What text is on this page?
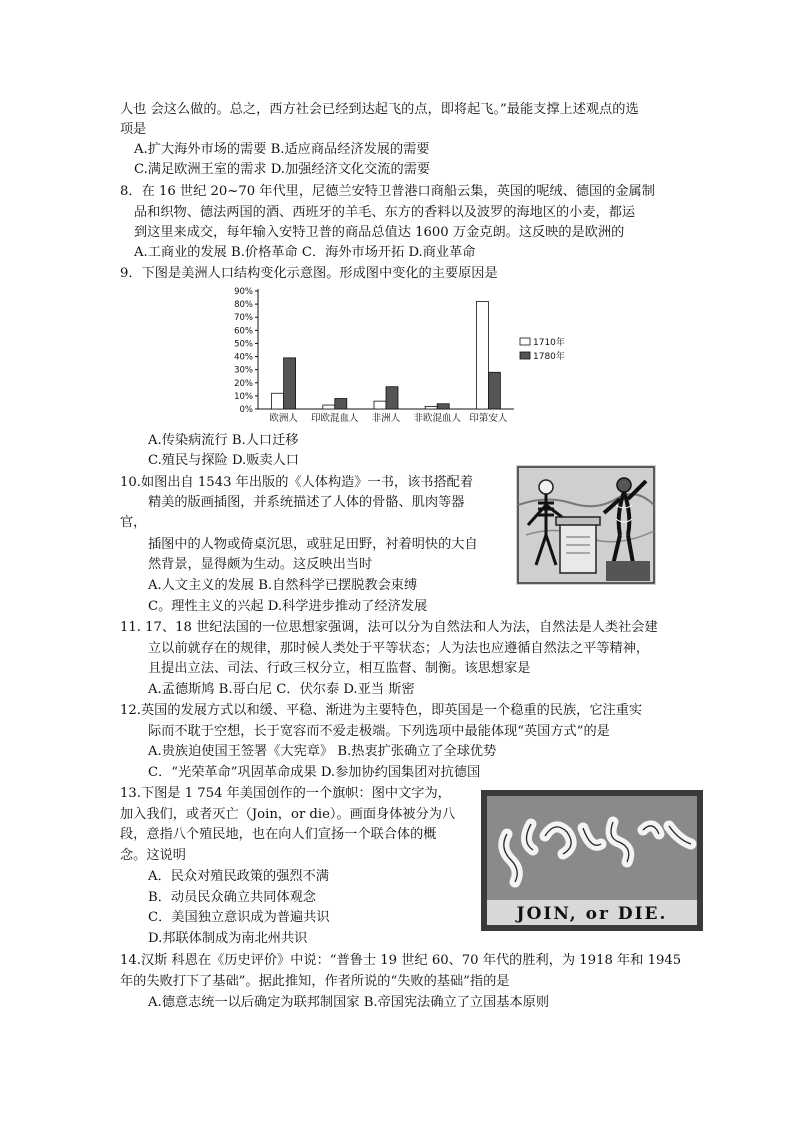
人也 会这么做的。总之，西方社会已经到达起飞的点，即将起飞。”最能支撑上述观点的选
项是
A.扩大海外市场的需要 B.适应商品经济发展的需要
C.满足欧洲王室的需求 D.加强经济文化交流的需要
8．在 16 世纪 20~70 年代里，尼德兰安特卫普港口商船云集，英国的呢绒、德国的金属制
品和织物、德法两国的酒、西班牙的羊毛、东方的香料以及波罗的海地区的小麦，都运
到这里来成交，每年输入安特卫普的商品总值达 1600 万金克朗。这反映的是欧洲的
A.工商业的发展 B.价格革命 C．海外市场开拓 D.商业革命
9．下图是美洲人口结构变化示意图。形成图中变化的主要原因是
0%
10%
20%
30%
40%
50%
60%
70%
80%
90%
欧洲人 印欧混血人 非洲人 非欧混血人 印第安人
1710年
1780年
A.传染病流行 B.人口迁移
C.殖民与探险 D.贩卖人口
10.如图出自 1543 年出版的《人体构造》一书，该书搭配着
精美的版画插图，并系统描述了人体的骨骼、肌肉等器
官，
插图中的人物或倚桌沉思，或驻足田野，衬着明快的大自
然背景，显得颇为生动。这反映出当时
A.人文主义的发展 B.自然科学已摆脱教会束缚
C。理性主义的兴起 D.科学进步推动了经济发展
11. 17、18 世纪法国的一位思想家强调，法可以分为自然法和人为法，自然法是人类社会建
立以前就存在的规律，那时候人类处于平等状态；人为法也应遵循自然法之平等精神，
且提出立法、司法、行政三权分立，相互监督、制衡。该思想家是
A.孟德斯鸠 B.哥白尼 C．伏尔泰 D.亚当 斯密
12.英国的发展方式以和缓、平稳、渐进为主要特色，即英国是一个稳重的民族，它注重实
际而不耽于空想，长于宽容而不爱走极端。下列选项中最能体现“英国方式”的是
A.贵族迫使国王签署《大宪章》 B.热衷扩张确立了全球优势
C．“光荣革命”巩固革命成果 D.参加协约国集团对抗德国
13.下图是 1 754 年美国创作的一个旗帜：图中文字为，
加入我们，或者灭亡（Join，or die）。画面身体被分为八
段，意指八个殖民地，也在向人们宣扬一个联合体的概
念。这说明
A．民众对殖民政策的强烈不满
B．动员民众确立共同体观念
C．美国独立意识成为普遍共识
D.邦联体制成为南北州共识
JOIN, or DIE.
14.汉斯 科恩在《历史评价》中说：“普鲁士 19 世纪 60、70 年代的胜利，为 1918 年和 1945
年的失败打下了基础”。据此推知，作者所说的“失败的基础”指的是
A.德意志统一以后确定为联邦制国家 B.帝国宪法确立了立国基本原则
